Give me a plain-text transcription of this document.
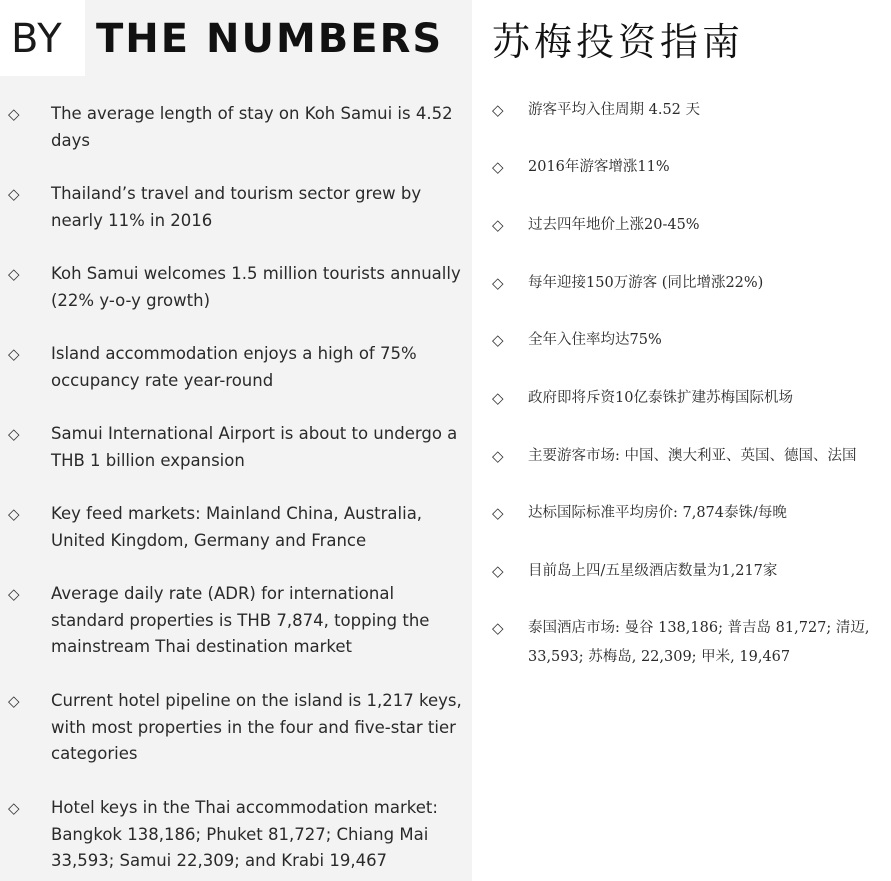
BY THE NUMBERS 苏梅投资指南
◇ The average length of stay on Koh Samui is 4.52 days
◇ Thailand’s travel and tourism sector grew by nearly 11% in 2016
◇ Koh Samui welcomes 1.5 million tourists annually (22% y-o-y growth)
◇ Island accommodation enjoys a high of 75% occupancy rate year-round
◇ Samui International Airport is about to undergo a THB 1 billion expansion
◇ Key feed markets: Mainland China, Australia, United Kingdom, Germany and France
◇ Average daily rate (ADR) for international standard properties is THB 7,874, topping the mainstream Thai destination market
◇ Current hotel pipeline on the island is 1,217 keys, with most properties in the four and five-star tier categories
◇ Hotel keys in the Thai accommodation market: Bangkok 138,186; Phuket 81,727; Chiang Mai 33,593; Samui 22,309; and Krabi 19,467
◇ 游客平均入住周期 4.52 天
◇ 2016年游客增涨11%
◇ 过去四年地价上涨20-45%
◇ 每年迎接150万游客 (同比增涨22%)
◇ 全年入住率均达75%
◇ 政府即将斥资10亿泰铢扩建苏梅国际机场
◇ 主要游客市场: 中国、澳大利亚、英国、德国、法国
◇ 达标国际标准平均房价: 7,874泰铢/每晚
◇ 目前岛上四/五星级酒店数量为1,217家
◇ 泰国酒店市场: 曼谷 138,186; 普吉岛 81,727; 清迈, 33,593; 苏梅岛, 22,309; 甲米, 19,467
